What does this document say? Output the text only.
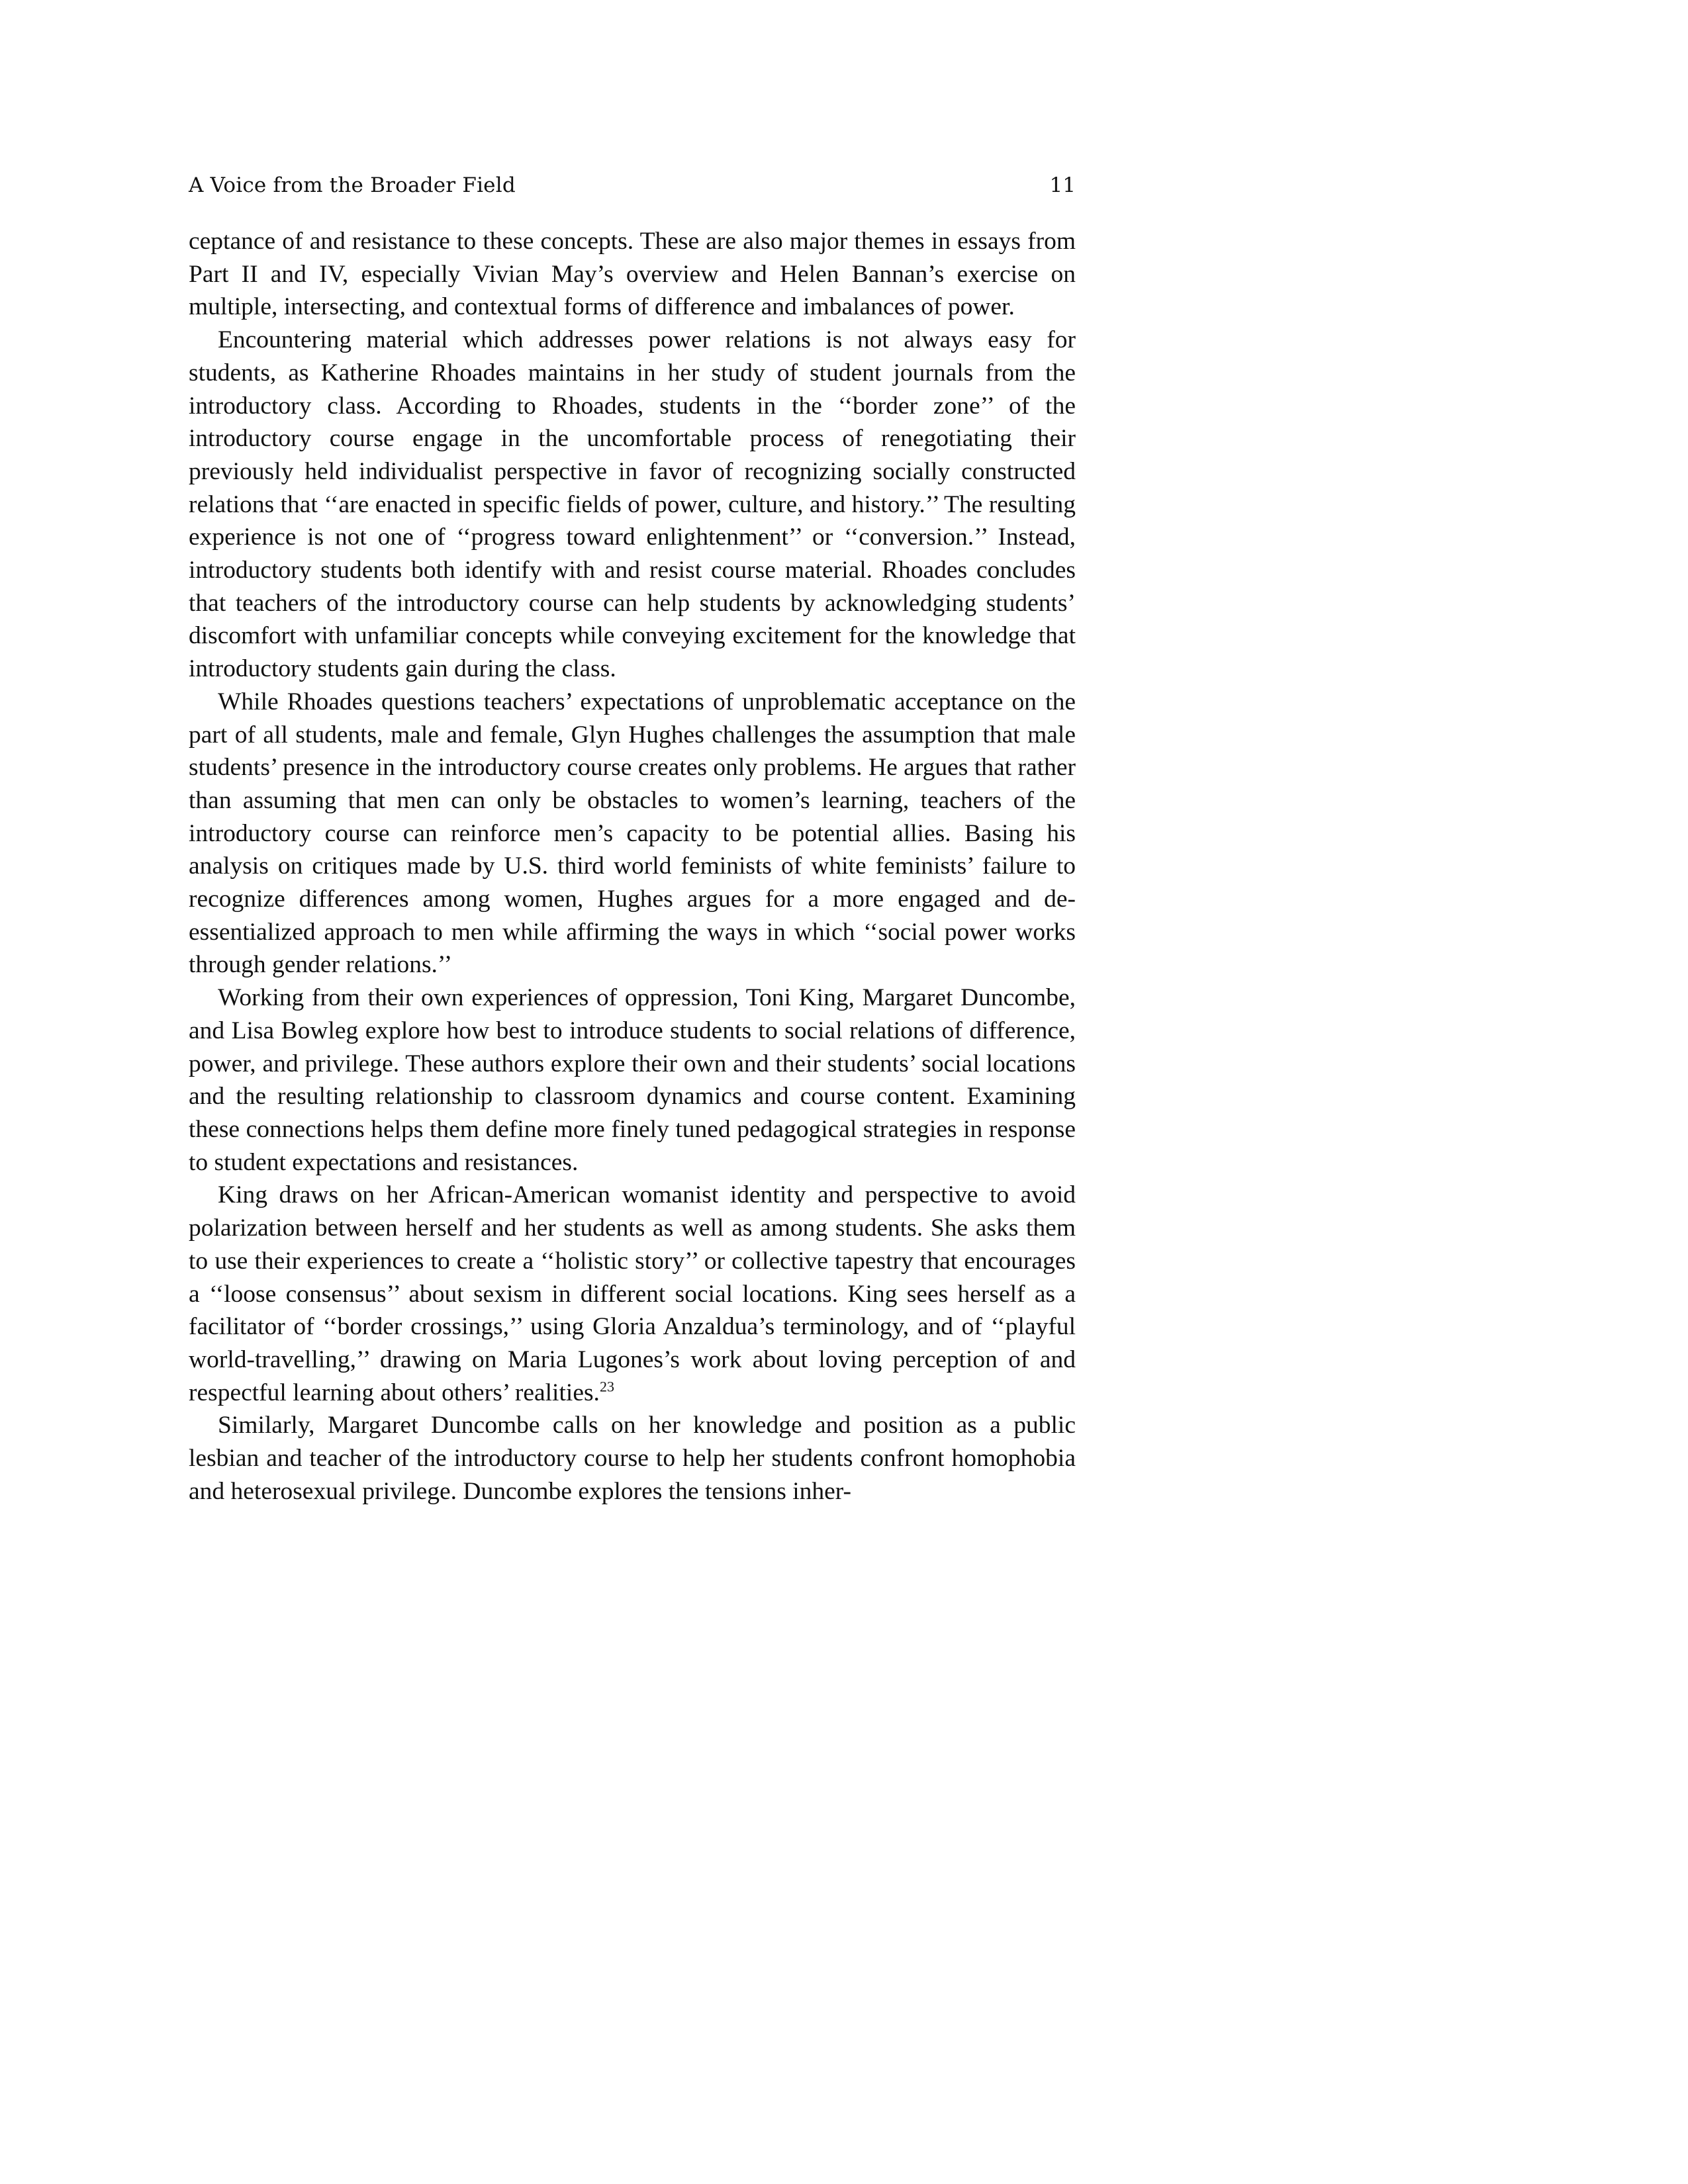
A Voice from the Broader Field	11

ceptance of and resistance to these concepts. These are also major themes in essays from Part II and IV, especially Vivian May’s overview and Helen Bannan’s exercise on multiple, intersecting, and contextual forms of difference and imbalances of power.

Encountering material which addresses power relations is not always easy for students, as Katherine Rhoades maintains in her study of student journals from the introductory class. According to Rhoades, students in the ‘‘border zone’’ of the introductory course engage in the uncomfortable process of renegotiating their previously held individualist perspective in favor of recognizing socially constructed relations that ‘‘are enacted in specific fields of power, culture, and history.’’ The resulting experience is not one of ‘‘progress toward enlightenment’’ or ‘‘conversion.’’ Instead, introductory students both identify with and resist course material. Rhoades concludes that teachers of the introductory course can help students by acknowledging students’ discomfort with unfamiliar concepts while conveying excitement for the knowledge that introductory students gain during the class.

While Rhoades questions teachers’ expectations of unproblematic acceptance on the part of all students, male and female, Glyn Hughes challenges the assumption that male students’ presence in the introductory course creates only problems. He argues that rather than assuming that men can only be obstacles to women’s learning, teachers of the introductory course can reinforce men’s capacity to be potential allies. Basing his analysis on critiques made by U.S. third world feminists of white feminists’ failure to recognize differences among women, Hughes argues for a more engaged and de-essentialized approach to men while affirming the ways in which ‘‘social power works through gender relations.’’

Working from their own experiences of oppression, Toni King, Margaret Duncombe, and Lisa Bowleg explore how best to introduce students to social relations of difference, power, and privilege. These authors explore their own and their students’ social locations and the resulting relationship to classroom dynamics and course content. Examining these connections helps them define more finely tuned pedagogical strategies in response to student expectations and resistances.

King draws on her African-American womanist identity and perspective to avoid polarization between herself and her students as well as among students. She asks them to use their experiences to create a ‘‘holistic story’’ or collective tapestry that encourages a ‘‘loose consensus’’ about sexism in different social locations. King sees herself as a facilitator of ‘‘border crossings,’’ using Gloria Anzaldua’s terminology, and of ‘‘playful world-travelling,’’ drawing on Maria Lugones’s work about loving perception of and respectful learning about others’ realities.$^{23}$

Similarly, Margaret Duncombe calls on her knowledge and position as a public lesbian and teacher of the introductory course to help her students confront homophobia and heterosexual privilege. Duncombe explores the tensions inher-
